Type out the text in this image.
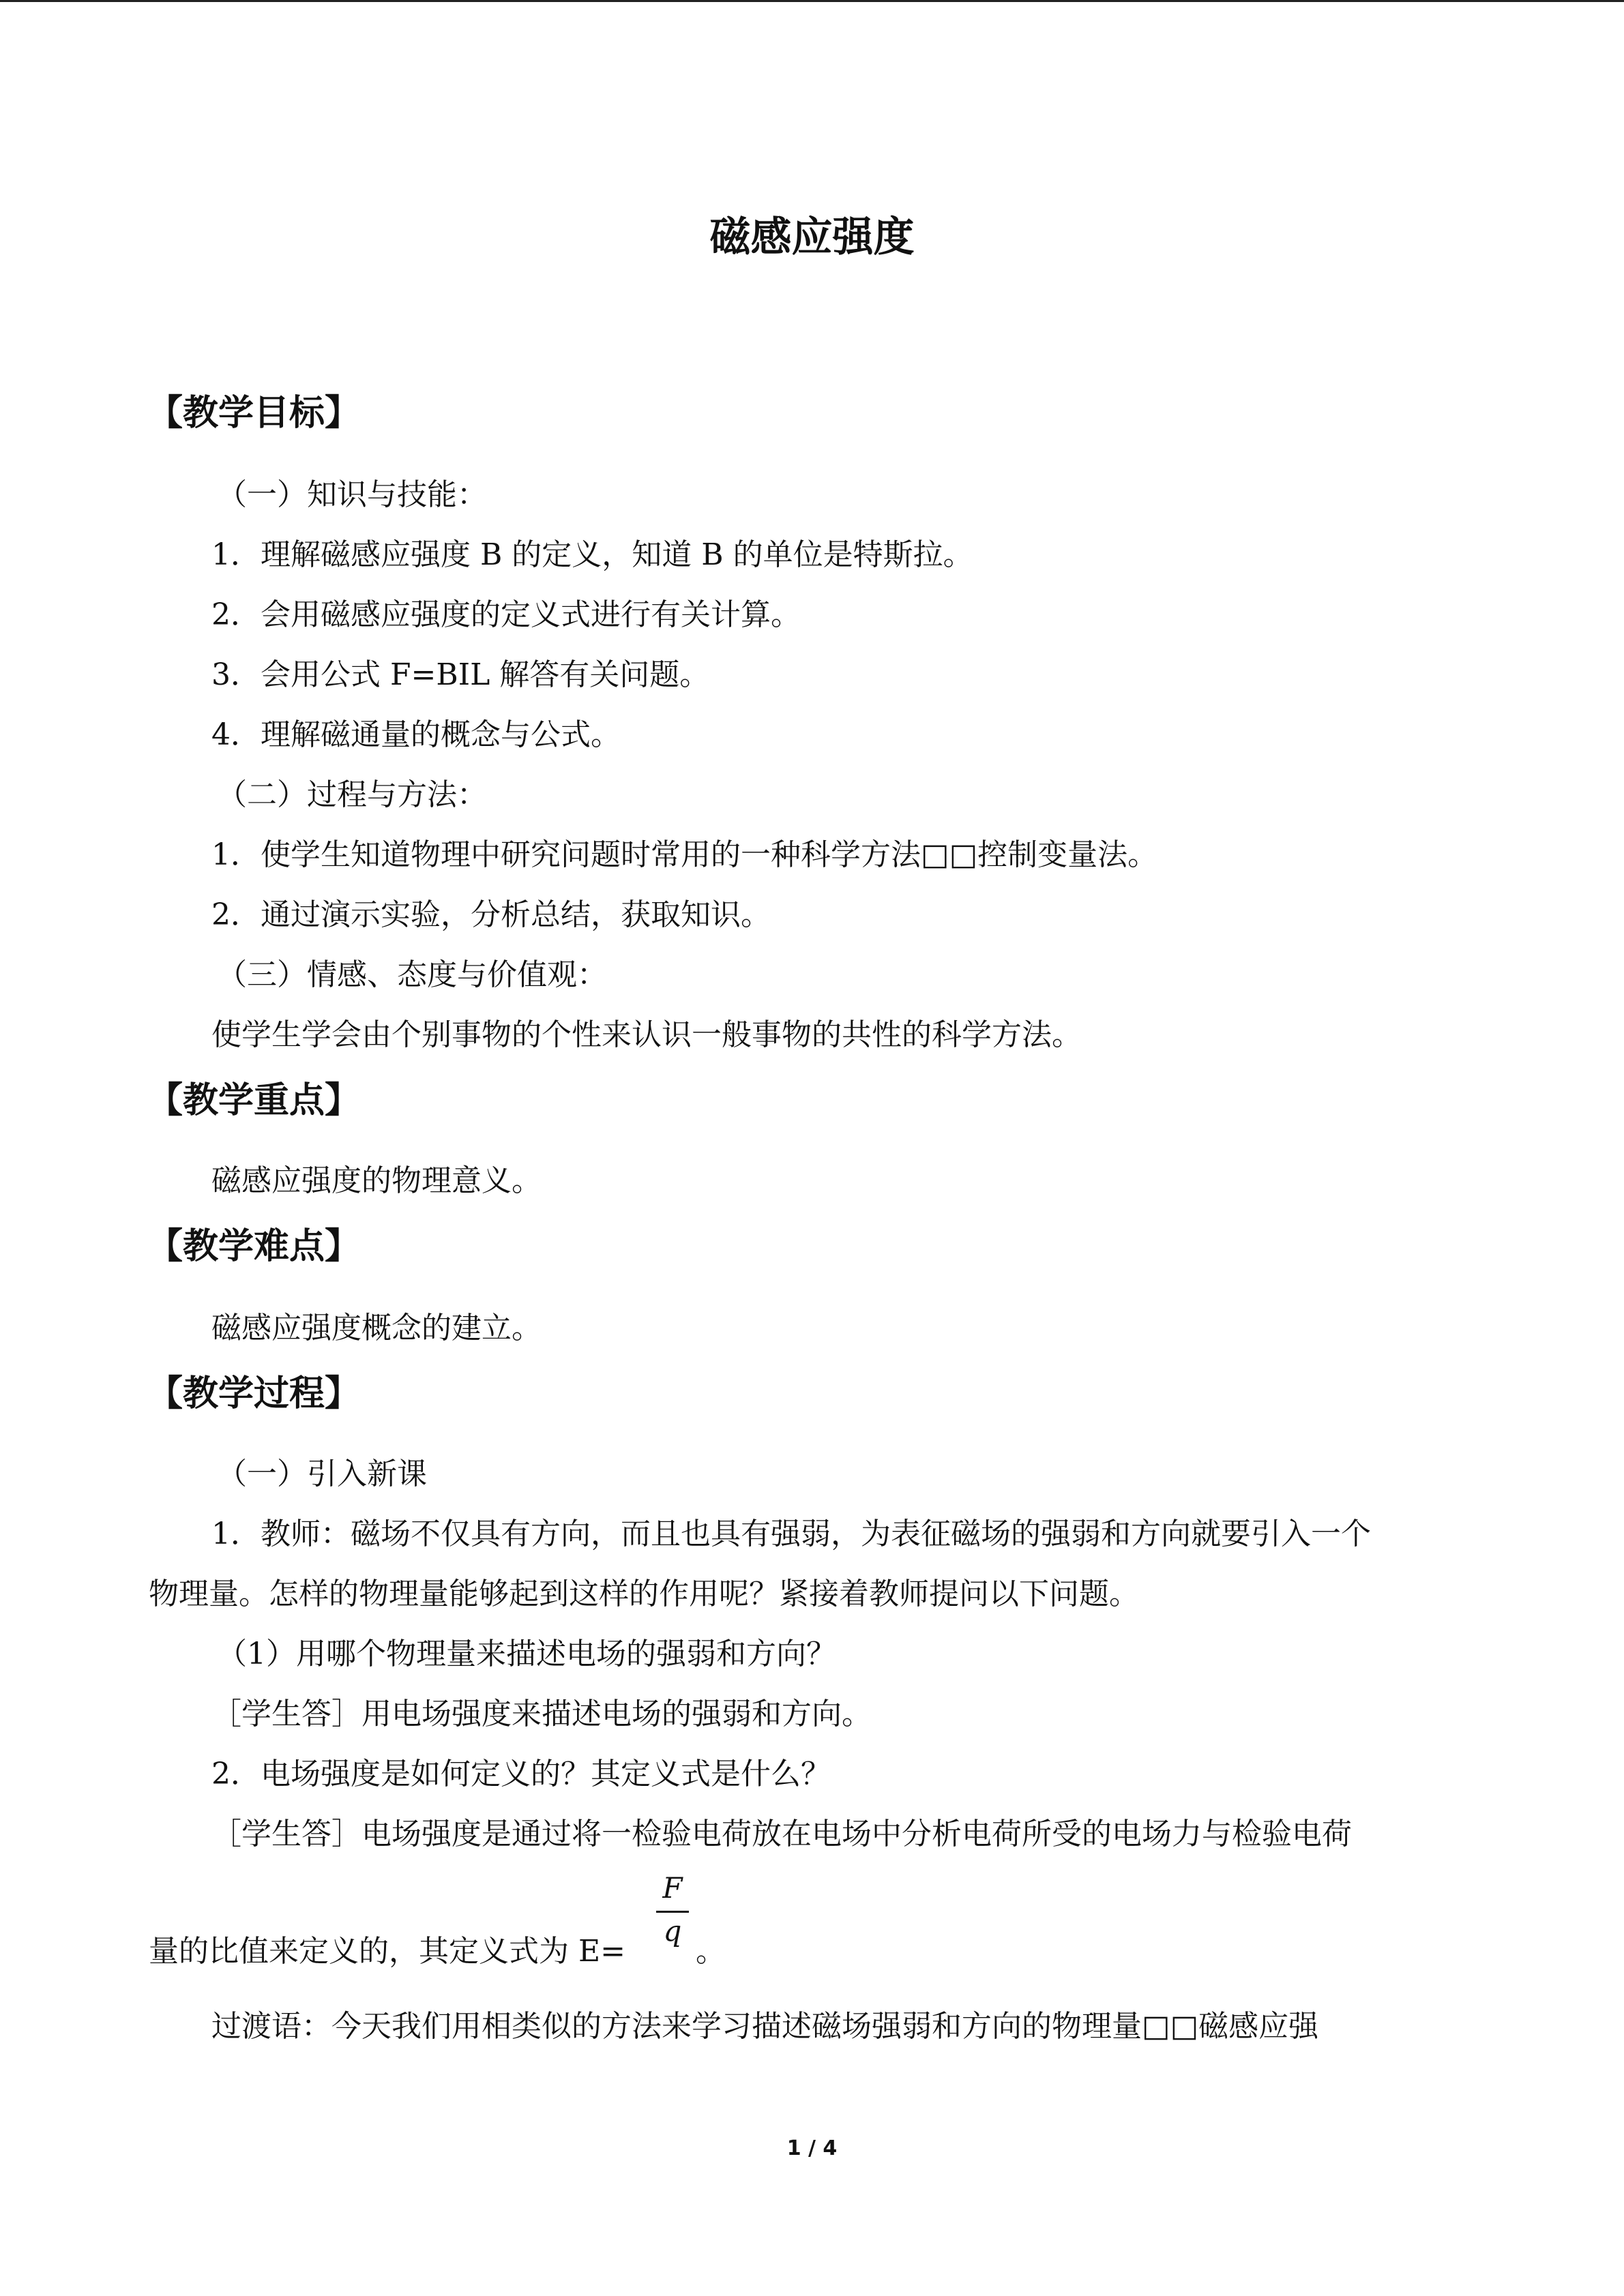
磁感应强度
【教学目标】
（一）知识与技能：
1．理解磁感应强度 B 的定义，知道 B 的单位是特斯拉。
2．会用磁感应强度的定义式进行有关计算。
3．会用公式 F=BIL 解答有关问题。
4．理解磁通量的概念与公式。
（二）过程与方法：
1．使学生知道物理中研究问题时常用的一种科学方法□□控制变量法。
2．通过演示实验，分析总结，获取知识。
（三）情感、态度与价值观：
使学生学会由个别事物的个性来认识一般事物的共性的科学方法。
【教学重点】
磁感应强度的物理意义。
【教学难点】
磁感应强度概念的建立。
【教学过程】
（一）引入新课
1．教师：磁场不仅具有方向，而且也具有强弱，为表征磁场的强弱和方向就要引入一个
物理量。怎样的物理量能够起到这样的作用呢？紧接着教师提问以下问题。
（1）用哪个物理量来描述电场的强弱和方向？
［学生答］用电场强度来描述电场的强弱和方向。
2．电场强度是如何定义的？其定义式是什么？
［学生答］电场强度是通过将一检验电荷放在电场中分析电荷所受的电场力与检验电荷
F
q
量的比值来定义的，其定义式为 E= 。
过渡语：今天我们用相类似的方法来学习描述磁场强弱和方向的物理量□□磁感应强
1 / 4
